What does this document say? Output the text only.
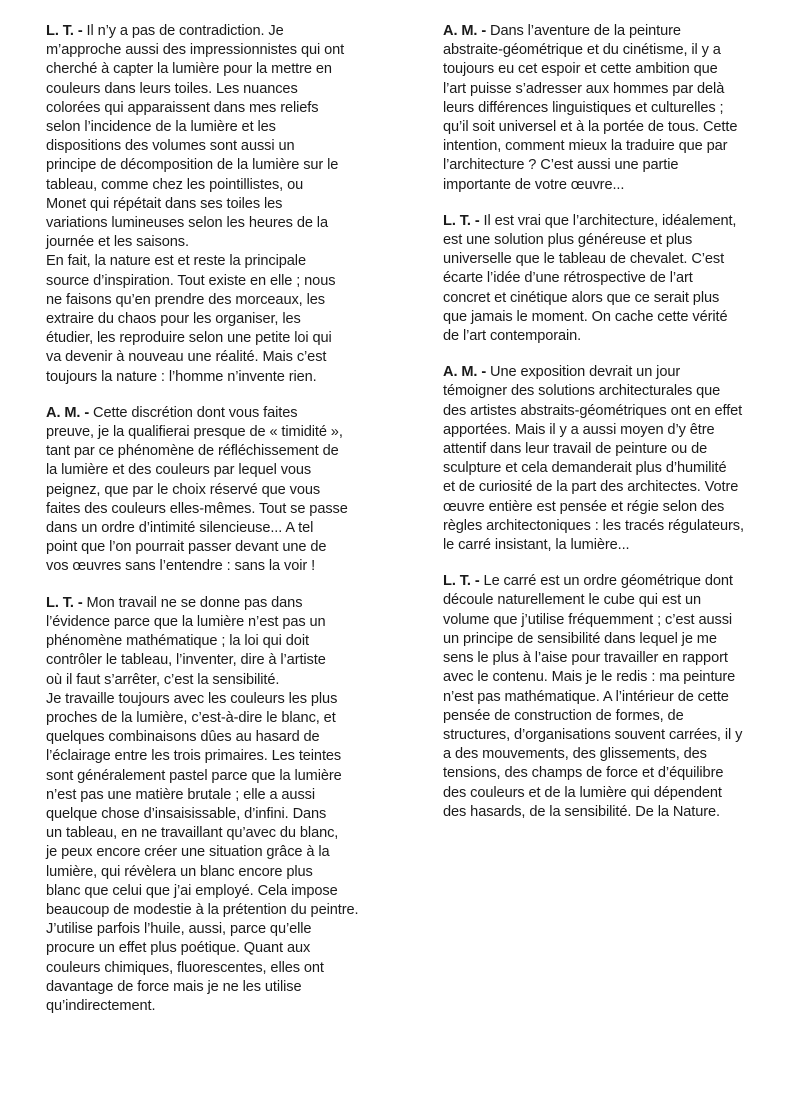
L. T. - Il n’y a pas de contradiction. Je
m’approche aussi des impressionnistes qui ont
cherché à capter la lumière pour la mettre en
couleurs dans leurs toiles. Les nuances
colorées qui apparaissent dans mes reliefs
selon l’incidence de la lumière et les
dispositions des volumes sont aussi un
principe de décomposition de la lumière sur le
tableau, comme chez les pointillistes, ou
Monet qui répétait dans ses toiles les
variations lumineuses selon les heures de la
journée et les saisons.
En fait, la nature est et reste la principale
source d’inspiration. Tout existe en elle ; nous
ne faisons qu’en prendre des morceaux, les
extraire du chaos pour les organiser, les
étudier, les reproduire selon une petite loi qui
va devenir à nouveau une réalité. Mais c’est
toujours la nature : l’homme n’invente rien.

A. M. - Cette discrétion dont vous faites
preuve, je la qualifierai presque de « timidité »,
tant par ce phénomène de réfléchissement de
la lumière et des couleurs par lequel vous
peignez, que par le choix réservé que vous
faites des couleurs elles-mêmes. Tout se passe
dans un ordre d’intimité silencieuse... A tel
point que l’on pourrait passer devant une de
vos œuvres sans l’entendre : sans la voir !

L. T. - Mon travail ne se donne pas dans
l’évidence parce que la lumière n’est pas un
phénomène mathématique ; la loi qui doit
contrôler le tableau, l’inventer, dire à l’artiste
où il faut s’arrêter, c’est la sensibilité.
Je travaille toujours avec les couleurs les plus
proches de la lumière, c’est-à-dire le blanc, et
quelques combinaisons dûes au hasard de
l’éclairage entre les trois primaires. Les teintes
sont généralement pastel parce que la lumière
n’est pas une matière brutale ; elle a aussi
quelque chose d’insaisissable, d’infini. Dans
un tableau, en ne travaillant qu’avec du blanc,
je peux encore créer une situation grâce à la
lumière, qui révèlera un blanc encore plus
blanc que celui que j’ai employé. Cela impose
beaucoup de modestie à la prétention du peintre.
J’utilise parfois l’huile, aussi, parce qu’elle
procure un effet plus poétique. Quant aux
couleurs chimiques, fluorescentes, elles ont
davantage de force mais je ne les utilise
qu’indirectement.

A. M. - Dans l’aventure de la peinture
abstraite-géométrique et du cinétisme, il y a
toujours eu cet espoir et cette ambition que
l’art puisse s’adresser aux hommes par delà
leurs différences linguistiques et culturelles ;
qu’il soit universel et à la portée de tous. Cette
intention, comment mieux la traduire que par
l’architecture ? C’est aussi une partie
importante de votre œuvre...

L. T. - Il est vrai que l’architecture, idéalement,
est une solution plus généreuse et plus
universelle que le tableau de chevalet. C’est
écarte l’idée d’une rétrospective de l’art
concret et cinétique alors que ce serait plus
que jamais le moment. On cache cette vérité
de l’art contemporain.

A. M. - Une exposition devrait un jour
témoigner des solutions architecturales que
des artistes abstraits-géométriques ont en effet
apportées. Mais il y a aussi moyen d’y être
attentif dans leur travail de peinture ou de
sculpture et cela demanderait plus d’humilité
et de curiosité de la part des architectes. Votre
œuvre entière est pensée et régie selon des
règles architectoniques : les tracés régulateurs,
le carré insistant, la lumière...

L. T. - Le carré est un ordre géométrique dont
découle naturellement le cube qui est un
volume que j’utilise fréquemment ; c’est aussi
un principe de sensibilité dans lequel je me
sens le plus à l’aise pour travailler en rapport
avec le contenu. Mais je le redis : ma peinture
n’est pas mathématique. A l’intérieur de cette
pensée de construction de formes, de
structures, d’organisations souvent carrées, il y
a des mouvements, des glissements, des
tensions, des champs de force et d’équilibre
des couleurs et de la lumière qui dépendent
des hasards, de la sensibilité. De la Nature.
